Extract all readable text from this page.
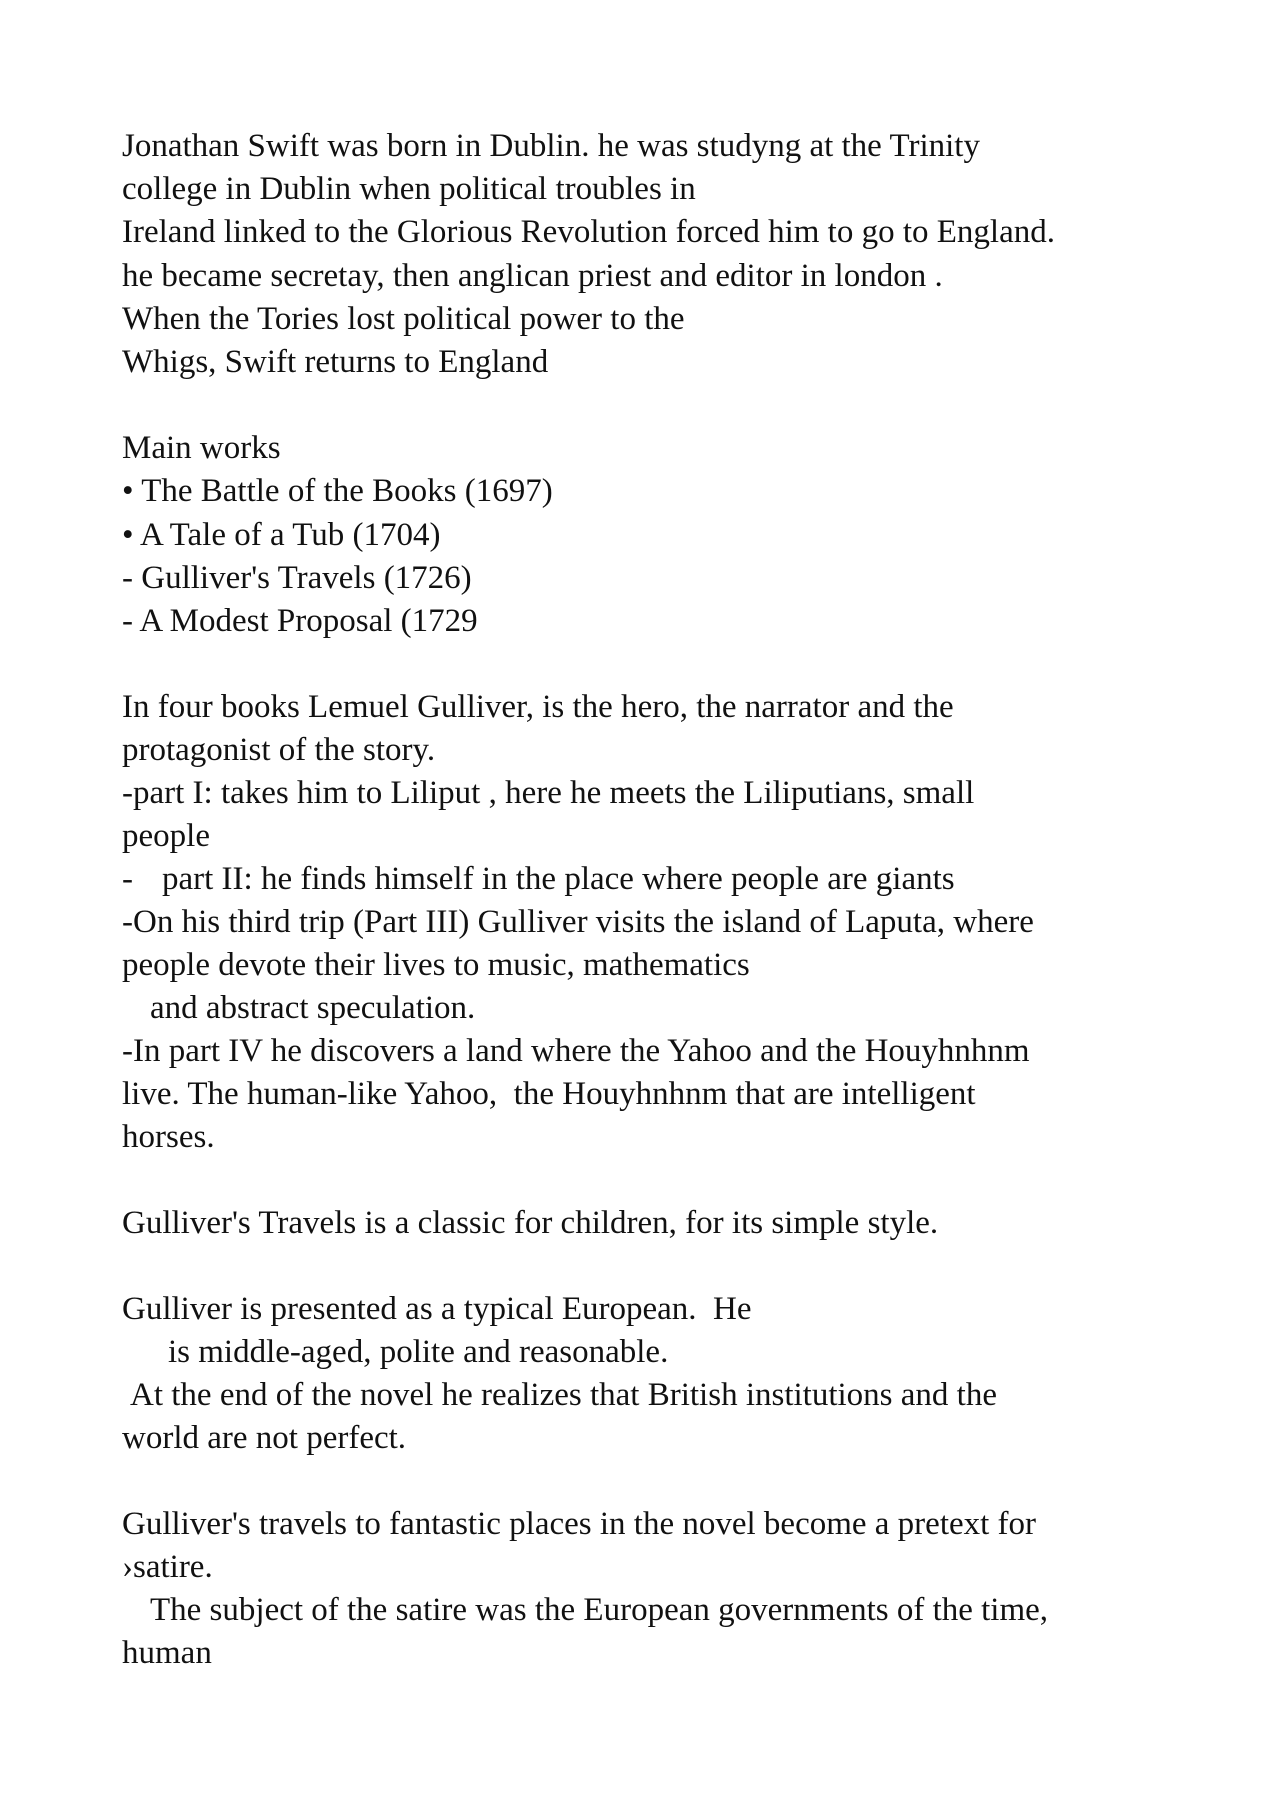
Jonathan Swift was born in Dublin. he was studyng at the Trinity
college in Dublin when political troubles in
Ireland linked to the Glorious Revolution forced him to go to England.
he became secretay, then anglican priest and editor in london .
When the Tories lost political power to the
Whigs, Swift returns to England
Main works
• The Battle of the Books (1697)
• A Tale of a Tub (1704)
- Gulliver's Travels (1726)
- A Modest Proposal (1729
In four books Lemuel Gulliver, is the hero, the narrator and the
protagonist of the story.
-part I: takes him to Liliput , here he meets the Liliputians, small
people
- part II: he finds himself in the place where people are giants
-On his third trip (Part III) Gulliver visits the island of Laputa, where
people devote their lives to music, mathematics
and abstract speculation.
-In part IV he discovers a land where the Yahoo and the Houyhnhnm
live. The human-like Yahoo,  the Houyhnhnm that are intelligent
horses.
Gulliver's Travels is a classic for children, for its simple style.
Gulliver is presented as a typical European.  He
is middle-aged, polite and reasonable.
At the end of the novel he realizes that British institutions and the
world are not perfect.
Gulliver's travels to fantastic places in the novel become a pretext for
›satire.
The subject of the satire was the European governments of the time,
human
